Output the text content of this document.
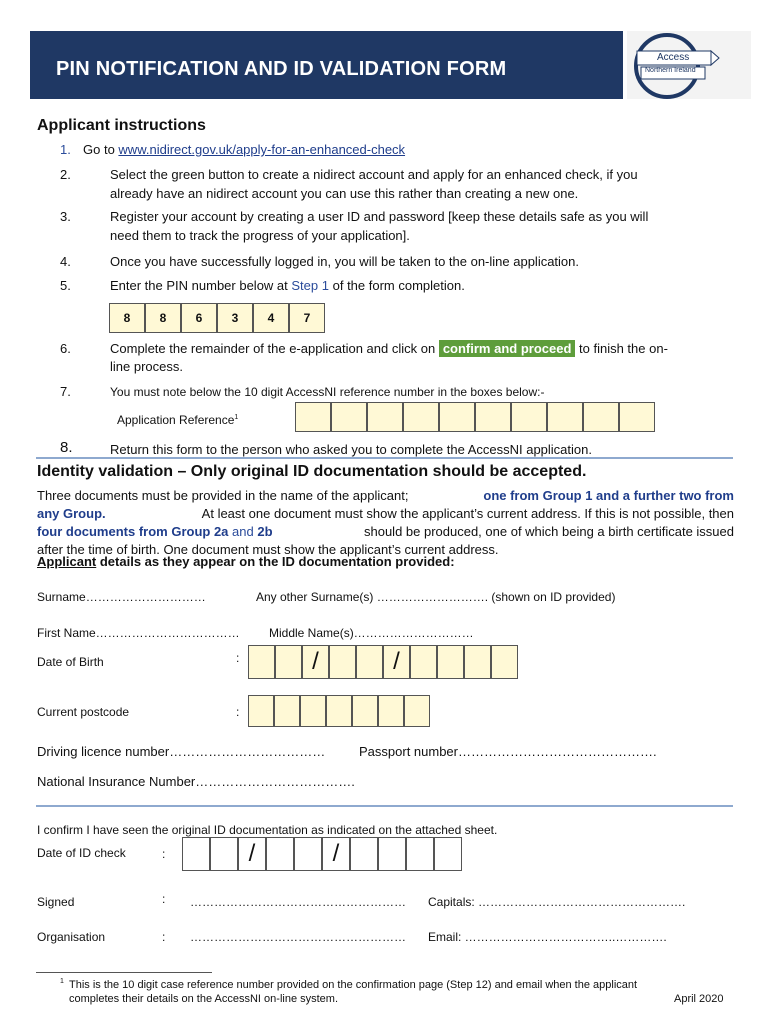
PIN NOTIFICATION AND ID VALIDATION FORM
Access
Northern Ireland
Applicant instructions
1. Go to www.nidirect.gov.uk/apply-for-an-enhanced-check
2.	Select the green button to create a nidirect account and apply for an enhanced check, if you
already have an nidirect account you can use this rather than creating a new one.
3.	Register your account by creating a user ID and password [keep these details safe as you will
need them to track the progress of your application].
4.	Once you have successfully logged in, you will be taken to the on-line application.
5.	Enter the PIN number below at Step 1 of the form completion.
8	8	6	3	4	7
6.	Complete the remainder of the e-application and click on confirm and proceed to finish the on-
line process.
7.	You must note below the 10 digit AccessNI reference number in the boxes below:-
Application Reference$^1$
8.	Return this form to the person who asked you to complete the AccessNI application.
Identity validation – Only original ID documentation should be accepted.
Three documents must be provided in the name of the applicant;	one from Group 1 and a further two from
any Group.	At least one document must show the applicant’s current address. If this is not possible, then
four documents from Group 2a and 2b	should be produced, one of which being a birth certificate issued
after the time of birth. One document must show the applicant’s current address.
Applicant details as they appear on the ID documentation provided:
Surname…………………………	Any other Surname(s) ………………………. (shown on ID provided)
First Name……………………………… Middle Name(s)…………………………
Date of Birth	:	/	/
Current postcode	:
Driving licence number………………………………	Passport number……………………………………….
National Insurance Number……………………………….
I confirm I have seen the original ID documentation as indicated on the attached sheet.
Date of ID check	:	/	/
Signed	: ……………………………………………… Capitals: …………………………………………….
Organisation	: ……………………………………………… Email: ………………………………..………….
1 This is the 10 digit case reference number provided on the confirmation page (Step 12) and email when the applicant
completes their details on the AccessNI on-line system.	April 2020
